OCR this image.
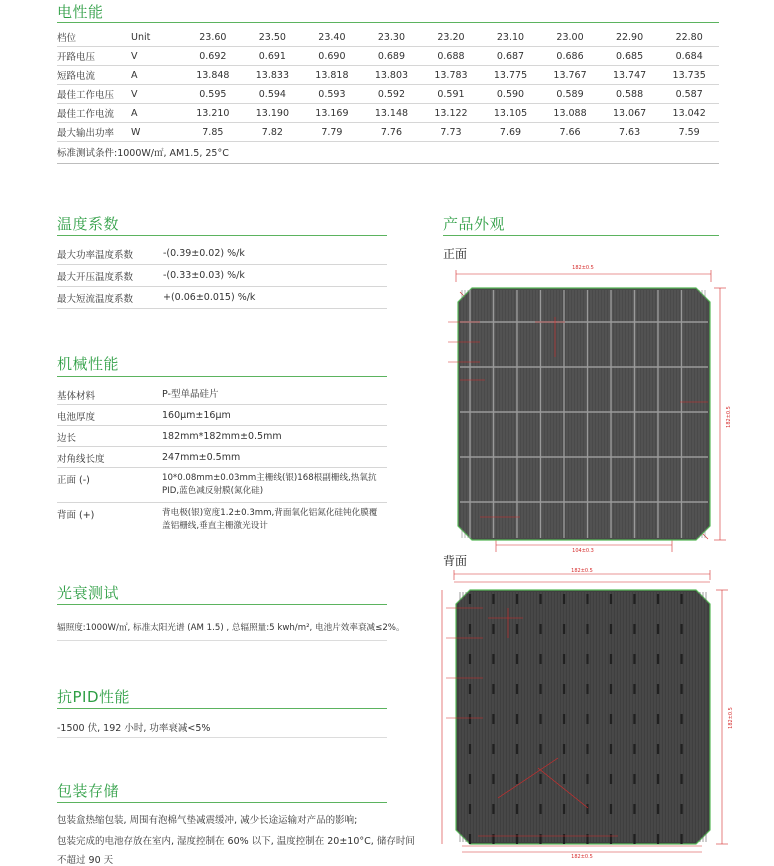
电性能
档位	Unit	23.60	23.50	23.40	23.30	23.20	23.10	23.00	22.90	22.80
开路电压	V	0.692	0.691	0.690	0.689	0.688	0.687	0.686	0.685	0.684
短路电流	A	13.848	13.833	13.818	13.803	13.783	13.775	13.767	13.747	13.735
最佳工作电压	V	0.595	0.594	0.593	0.592	0.591	0.590	0.589	0.588	0.587
最佳工作电流	A	13.210	13.190	13.169	13.148	13.122	13.105	13.088	13.067	13.042
最大输出功率	W	7.85	7.82	7.79	7.76	7.73	7.69	7.66	7.63	7.59
标准测试条件:1000W/㎡, AM1.5, 25°C
温度系数
最大功率温度系数	-(0.39±0.02) %/k
最大开压温度系数	-(0.33±0.03) %/k
最大短流温度系数	+(0.06±0.015) %/k
机械性能
基体材料	P-型单晶硅片
电池厚度	160μm±16μm
边长	182mm*182mm±0.5mm
对角线长度	247mm±0.5mm
正面 (-)	10*0.08mm±0.03mm主栅线(银)168根副栅线,热氧抗
PID,蓝色减反射膜(氮化硅)
背面 (+)	背电极(银)宽度1.2±0.3mm,背面氧化铝氮化硅钝化膜覆
盖铝栅线,垂直主栅激光设计
光衰测试
辐照度:1000W/㎡, 标准太阳光谱 (AM 1.5) , 总辐照量:5 kwh/m², 电池片效率衰减≤2%。
抗PID性能
-1500 伏, 192 小时, 功率衰减<5%
包装存储
包装盒热缩包装, 周围有泡棉气垫减震缓冲, 减少长途运输对产品的影响;
包装完成的电池存放在室内, 湿度控制在 60% 以下, 温度控制在 20±10°C, 储存时间
不超过 90 天
产品外观
正面
背面
182±0.5
104±0.3
182±0.5
182±0.5
182±0.5
182±0.5
